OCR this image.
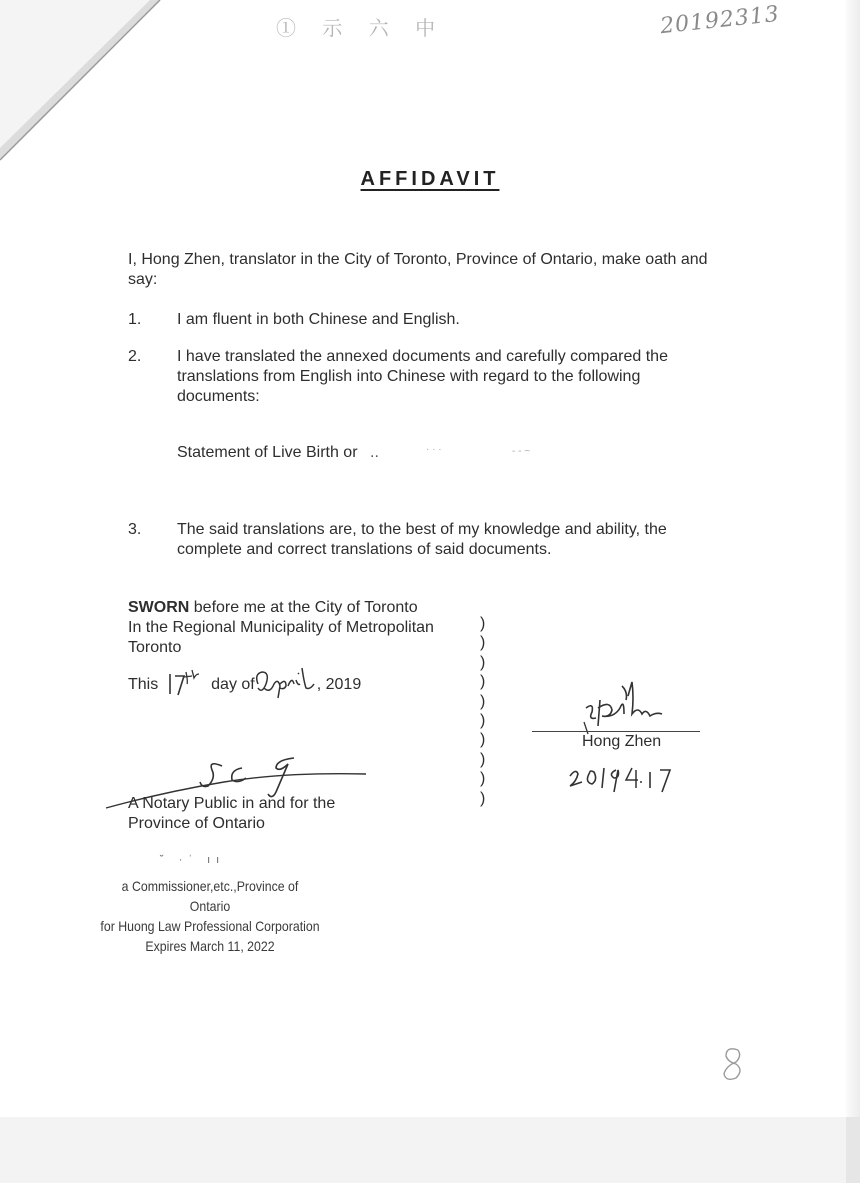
① 示 六 中	20192313
AFFIDAVIT
I, Hong Zhen, translator in the City of Toronto, Province of Ontario, make oath and say:
1. I am fluent in both Chinese and English.
2. I have translated the annexed documents and carefully compared the translations from English into Chinese with regard to the following documents:
Statement of Live Birth or ..	· · ·	- - ~
3. The said translations are, to the best of my knowledge and ability, the complete and correct translations of said documents.
SWORN before me at the City of Toronto
In the Regional Municipality of Metropolitan
Toronto
This	day of	, 2019
)
)
)
)
)
)
)
)
)
)
Hong Zhen
A Notary Public in and for the
Province of Ontario
˘ ·ˈ ıı
a Commissioner,etc.,Province of Ontario
for Huong Law Professional Corporation
Expires March 11, 2022
